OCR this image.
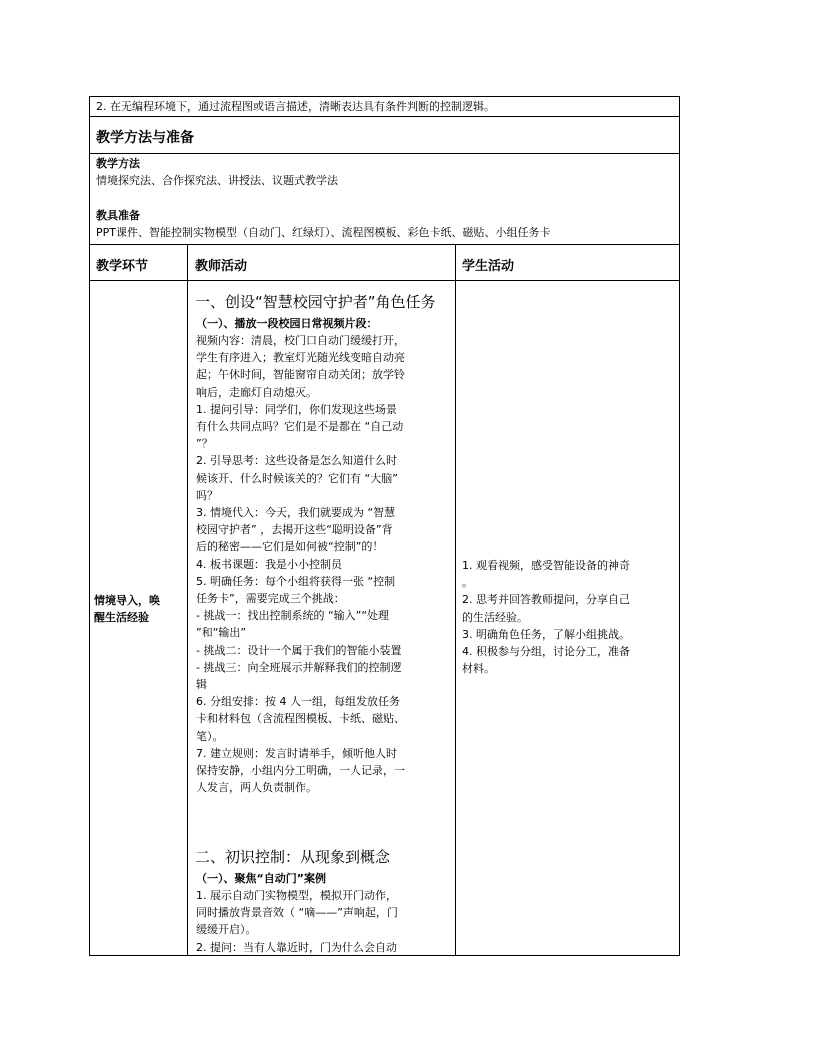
2. 在无编程环境下，通过流程图或语言描述，清晰表达具有条件判断的控制逻辑。
教学方法与准备
教学方法
情境探究法、合作探究法、讲授法、议题式教学法
教具准备
PPT课件、智能控制实物模型（自动门、红绿灯）、流程图模板、彩色卡纸、磁贴、小组任务卡
教学环节	教师活动	学生活动
情境导入，唤
醒生活经验
一、创设“智慧校园守护者”角色任务
（一）、播放一段校园日常视频片段：
视频内容：清晨，校门口自动门缓缓打开，
学生有序进入；教室灯光随光线变暗自动亮
起；午休时间，智能窗帘自动关闭；放学铃
响后，走廊灯自动熄灭。
1. 提问引导：同学们，你们发现这些场景
有什么共同点吗？它们是不是都在 “自己动
”？
2. 引导思考：这些设备是怎么知道什么时
候该开、什么时候该关的？它们有 “大脑”
吗？
3. 情境代入：今天，我们就要成为 “智慧
校园守护者” ，去揭开这些“聪明设备”背
后的秘密——它们是如何被“控制”的！
4. 板书课题：我是小小控制员
5. 明确任务：每个小组将获得一张 “控制
任务卡”，需要完成三个挑战：
- 挑战一：找出控制系统的 “输入”“处理
”和“输出”
- 挑战二：设计一个属于我们的智能小装置
- 挑战三：向全班展示并解释我们的控制逻
辑
6. 分组安排：按 4 人一组，每组发放任务
卡和材料包（含流程图模板、卡纸、磁贴、
笔）。
7. 建立规则：发言时请举手，倾听他人时
保持安静，小组内分工明确，一人记录，一
人发言，两人负责制作。
二、初识控制：从现象到概念
（一）、聚焦“自动门”案例
1. 展示自动门实物模型，模拟开门动作，
同时播放背景音效（ “嘀——”声响起，门
缓缓开启）。
2. 提问：当有人靠近时，门为什么会自动
1. 观看视频，感受智能设备的神奇
。
2. 思考并回答教师提问，分享自己
的生活经验。
3. 明确角色任务，了解小组挑战。
4. 积极参与分组，讨论分工，准备
材料。
